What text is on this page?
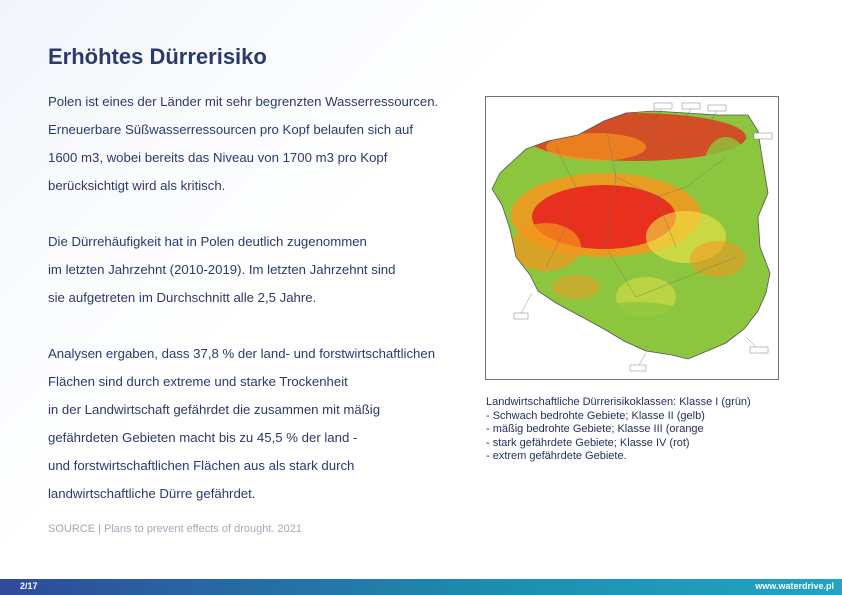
Erhöhtes Dürrerisiko
Polen ist eines der Länder mit sehr begrenzten Wasserressourcen.
Erneuerbare Süßwasserressourcen pro Kopf belaufen sich auf
1600 m3, wobei bereits das Niveau von 1700 m3 pro Kopf
berücksichtigt wird als kritisch.
Die Dürrehäufigkeit hat in Polen deutlich zugenommen
im letzten Jahrzehnt (2010-2019). Im letzten Jahrzehnt sind
sie aufgetreten im Durchschnitt alle 2,5 Jahre.
Analysen ergaben, dass 37,8 % der land- und forstwirtschaftlichen
Flächen sind durch extreme und starke Trockenheit
in der Landwirtschaft gefährdet die zusammen mit mäßig
gefährdeten Gebieten macht bis zu 45,5 % der land -
und forstwirtschaftlichen Flächen aus als stark durch
landwirtschaftliche Dürre gefährdet.
SOURCE | Plans to prevent effects of drought. 2021
Landwirtschaftliche Dürrerisikoklassen: Klasse I (grün)
- Schwach bedrohte Gebiete; Klasse II (gelb)
- mäßig bedrohte Gebiete; Klasse III (orange
- stark gefährdete Gebiete; Klasse IV (rot)
- extrem gefährdete Gebiete.
2/17	www.waterdrive.pl
